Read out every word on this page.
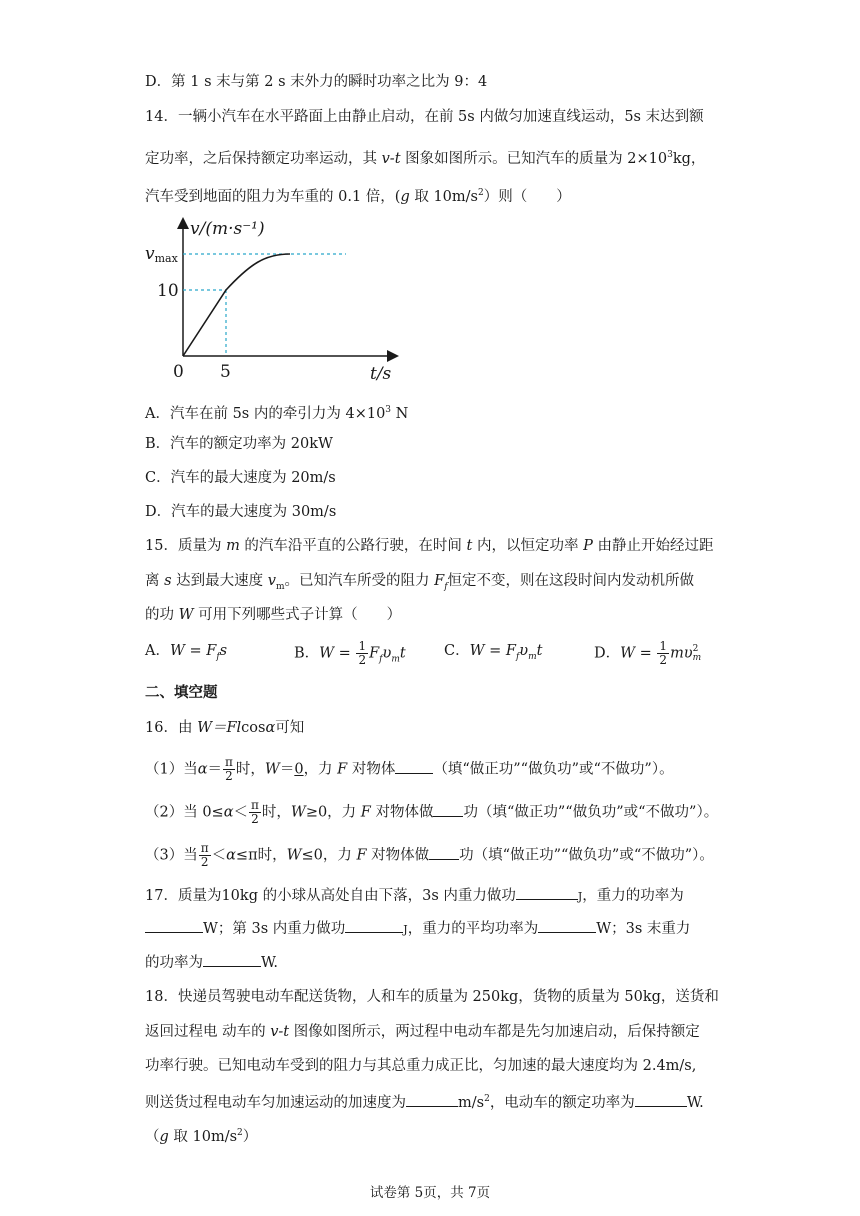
D．第 1 s 末与第 2 s 末外力的瞬时功率之比为 9：4
14．一辆小汽车在水平路面上由静止启动，在前 5s 内做匀加速直线运动，5s 末达到额
定功率，之后保持额定功率运动，其 v-t 图象如图所示。已知汽车的质量为 $2\times 10^3kg$，
汽车受到地面的阻力为车重的 0.1 倍，(g 取 $10m/s^2$）则（　　）
v/(m·s⁻¹)
vmax
10
0 5	t/s
A．汽车在前 5s 内的牵引力为 $4\times 10^3$ N
B．汽车的额定功率为 20kW
C．汽车的最大速度为 20m/s
D．汽车的最大速度为 30m/s
15．质量为 m 的汽车沿平直的公路行驶，在时间 t 内，以恒定功率 P 由静止开始经过距
离 s 达到最大速度 $v_m$。已知汽车所受的阻力 $F_f$恒定不变，则在这段时间内发动机所做
的功 W 可用下列哪些式子计算（　　）
A．$W = F_fs$	B．$W = \frac{1}{2} F_f\upsilon_mt$	C．$W = F_f\upsilon_mt$	D．$W = \frac{1}{2}$ mυ 2
m
二、填空题
16．由 W＝Flcosα可知
（1）当$\alpha= \frac{\pi}{2}$ 时，W＝0，力 F 对物体	（填“做正功”“做负功”或“不做功”）。
（2）当 $0\le\alpha< \frac{\pi}{2}$ 时，W≥0，力 F 对物体做 功（填“做正功”“做负功”或“不做功”）。
（3）当 $\frac{\pi}{2} <\alpha\le\pi$时，W≤0，力 F 对物体做 功（填“做正功”“做负功”或“不做功”）。
17．质量为10kg 的小球从高处自由下落，3s 内重力做功	J，重力的功率为
W；第 3s 内重力做功	J，重力的平均功率为	W；3s 末重力
的功率为	W.
18．快递员驾驶电动车配送货物，人和车的质量为 250kg，货物的质量为 50kg，送货和
返回过程电 动车的 v-t 图像如图所示，两过程中电动车都是先匀加速启动，后保持额定
功率行驶。已知电动车受到的阻力与其总重力成正比，匀加速的最大速度均为 2.4m/s,
则送货过程电动车匀加速运动的加速度为	$m/s^2$，电动车的额定功率为	W.
（g 取 $10m/s^2$）
试卷第 5页，共 7页
